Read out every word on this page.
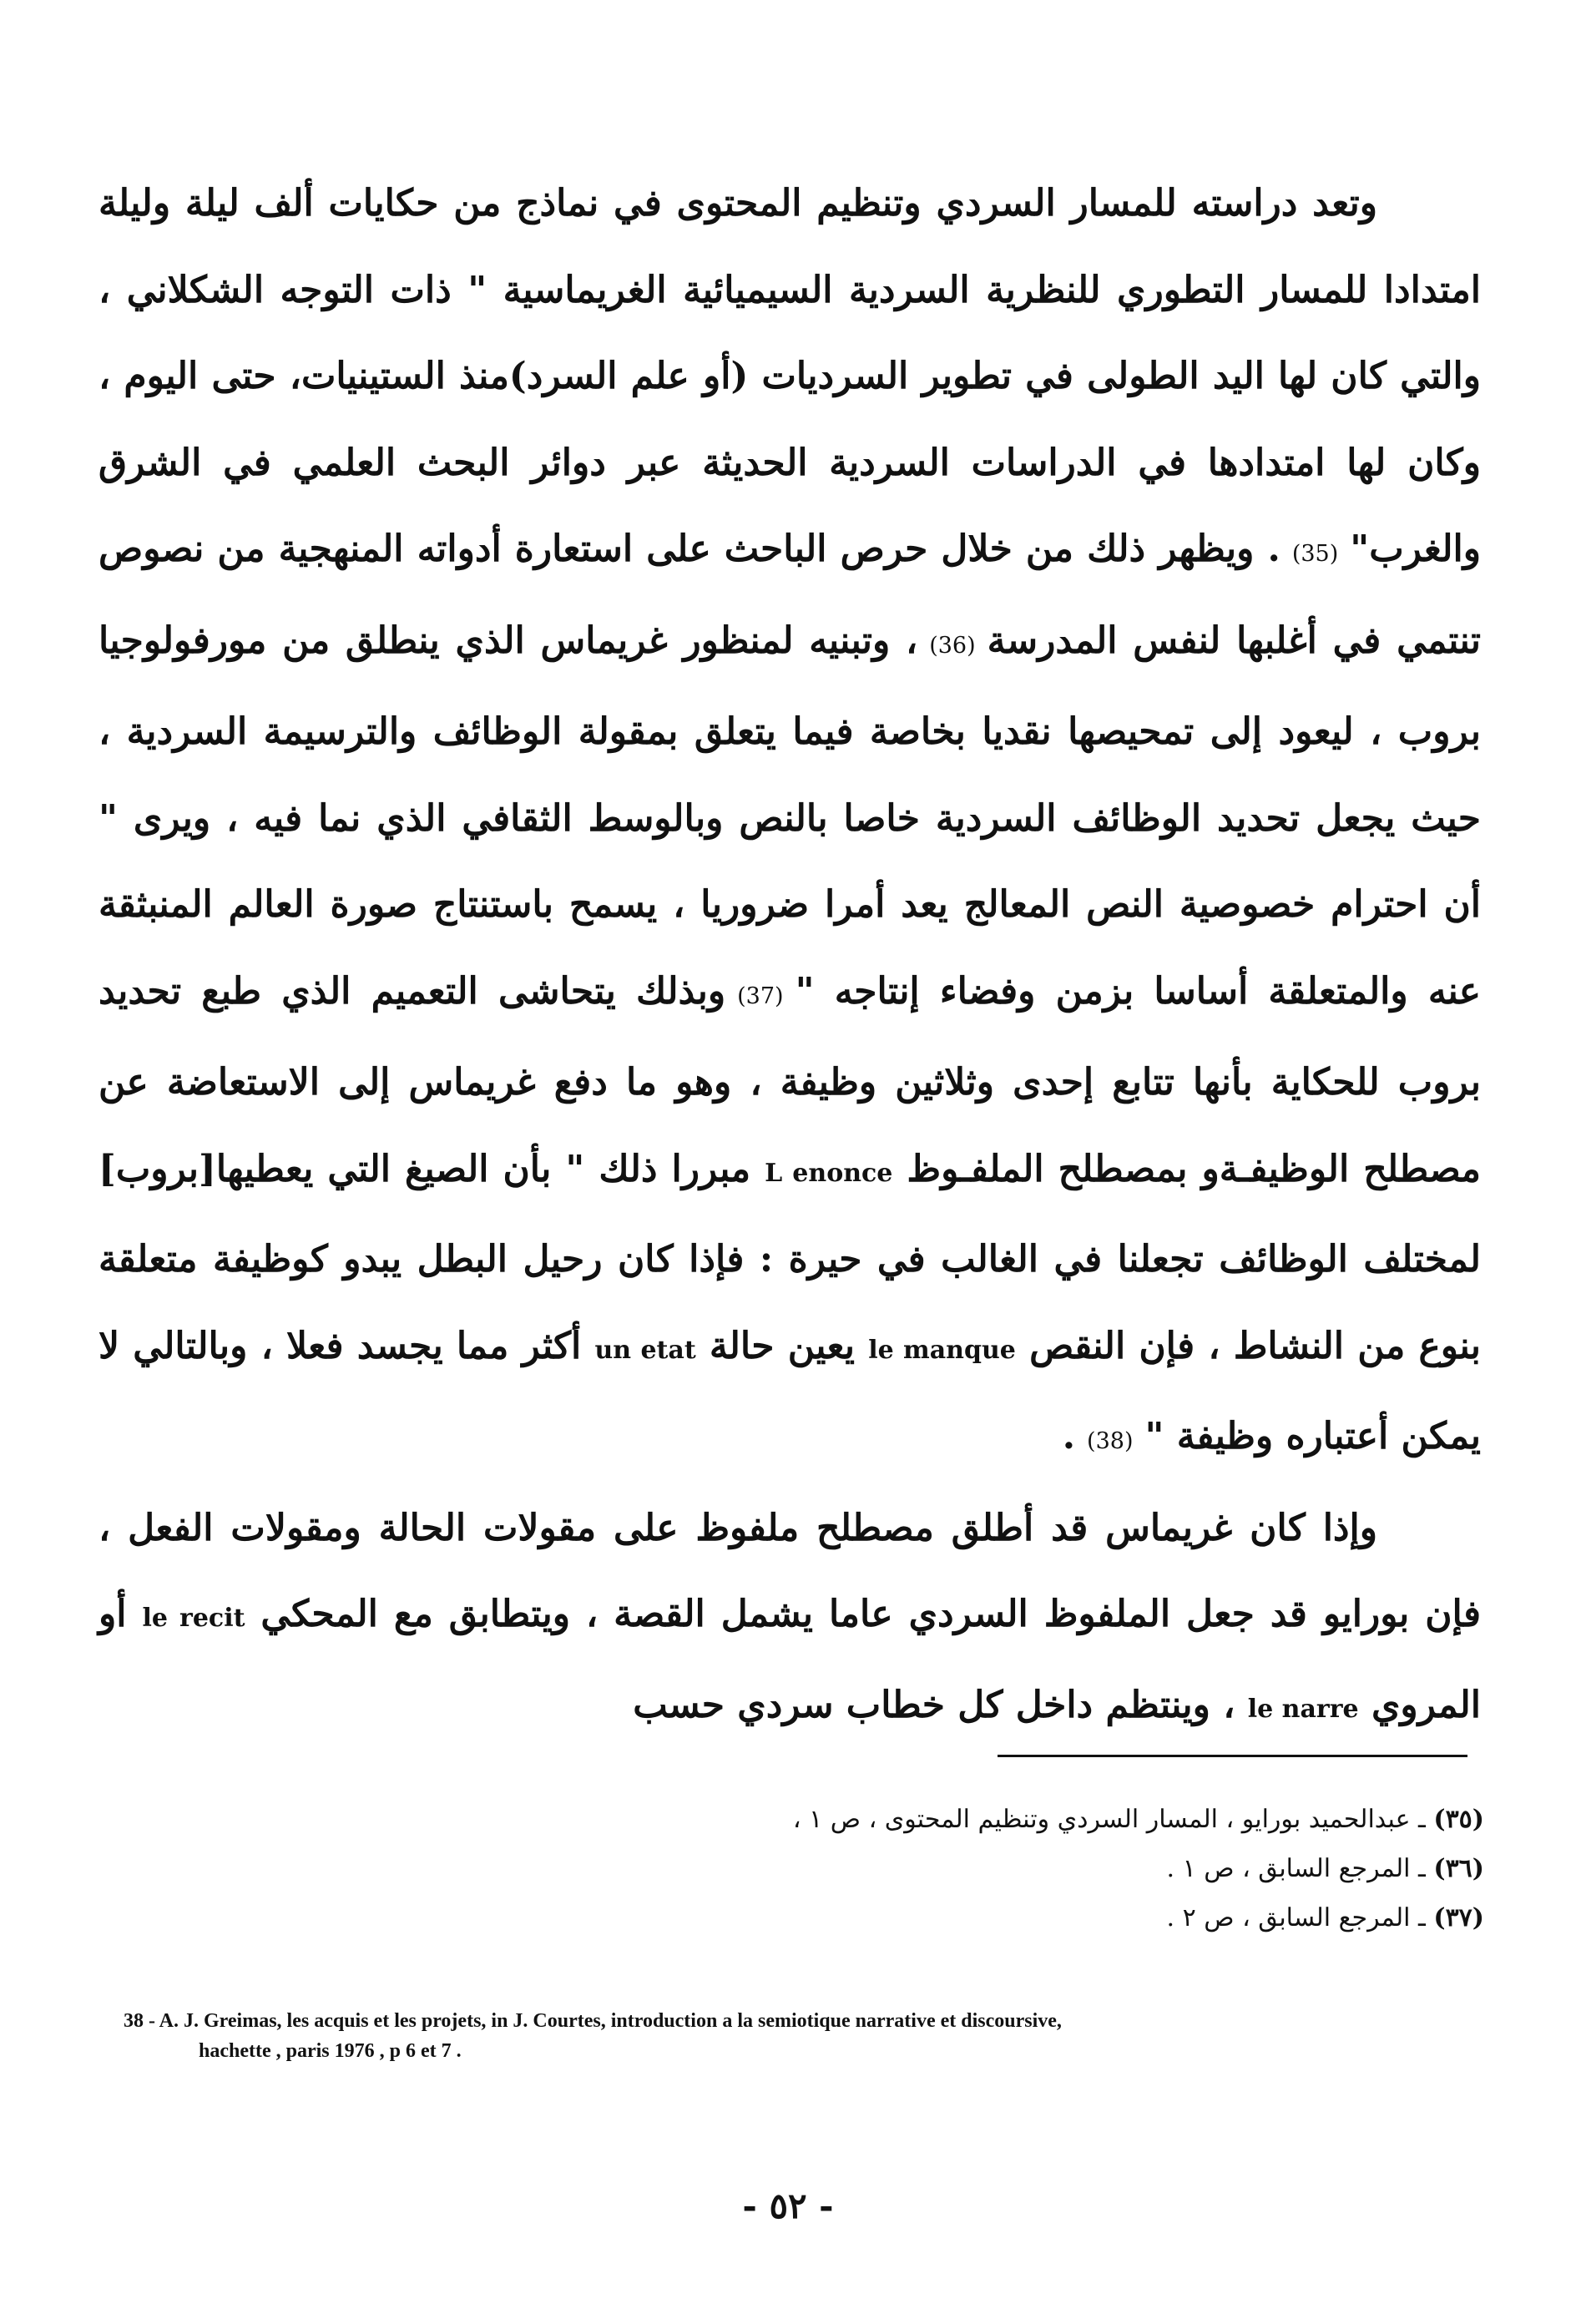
وتعد دراسته للمسار السردي وتنظيم المحتوى في نماذج من حكايات ألف ليلة وليلة امتدادا للمسار التطوري للنظرية السردية السيميائية الغريماسية " ذات التوجه الشكلاني ، والتي كان لها اليد الطولى في تطوير السرديات (أو علم السرد)منذ الستينيات، حتى اليوم ، وكان لها امتدادها في الدراسات السردية الحديثة عبر دوائر البحث العلمي في الشرق والغرب"(35). ويظهر ذلك من خلال حرص الباحث على استعارة أدواته المنهجية من نصوص تنتمي في أغلبها لنفس المدرسة(36)، وتبنيه لمنظور غريماس الذي ينطلق من مورفولوجيا بروب ، ليعود إلى تمحيصها نقديا بخاصة فيما يتعلق بمقولة الوظائف والترسيمة السردية ، حيث يجعل تحديد الوظائف السردية خاصا بالنص وبالوسط الثقافي الذي نما فيه ، ويرى " أن احترام خصوصية النص المعالج يعد أمرا ضروريا ، يسمح باستنتاج صورة العالم المنبثقة عنه والمتعلقة أساسا بزمن وفضاء إنتاجه "(37)وبذلك يتحاشى التعميم الذي طبع تحديد بروب للحكاية بأنها تتابع إحدى وثلاثين وظيفة ، وهو ما دفع غريماس إلى الاستعاضة عن مصطلح الوظيفـةو بمصطلح الملفـوظ L enonce مبررا ذلك " بأن الصيغ التي يعطيها[بروب] لمختلف الوظائف تجعلنا في الغالب في حيرة : فإذا كان رحيل البطل يبدو كوظيفة متعلقة بنوع من النشاط ، فإن النقص le manque يعين حالة un etat أكثر مما يجسد فعلا ، وبالتالي لا يمكن أعتباره وظيفة "(38).

وإذا كان غريماس قد أطلق مصطلح ملفوظ على مقولات الحالة ومقولات الفعل ، فإن بورايو قد جعل الملفوظ السردي عاما يشمل القصة ، ويتطابق مع المحكي le recit أو المروي le narre ، وينتظم داخل كل خطاب سردي حسب

(٣٥) ـ عبدالحميد بورايو ، المسار السردي وتنظيم المحتوى ، ص ١ ،

(٣٦) ـ المرجع السابق ، ص ١ .

(٣٧) ـ المرجع السابق ، ص ٢ .

38 - A. J. Greimas, les acquis et les projets, in J. Courtes, introduction a la semiotique narrative et discoursive,
hachette , paris 1976 , p 6 et 7 .
- ٥٢ -
